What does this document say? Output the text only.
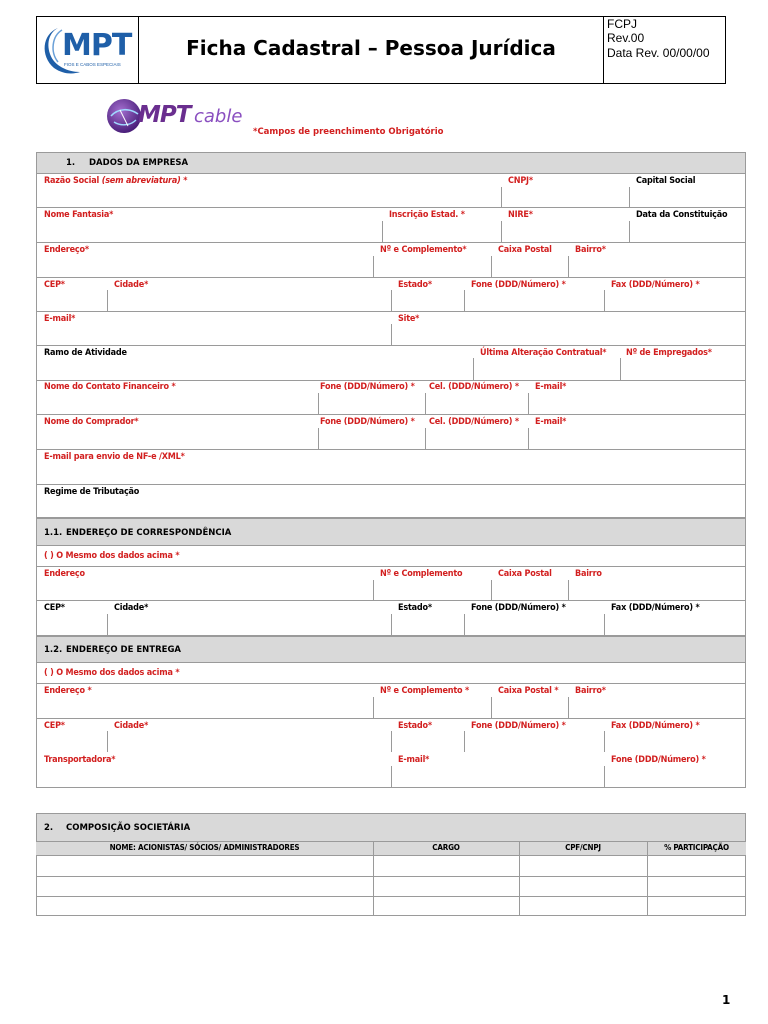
MPT
FIOS E CABOS ESPECIAIS
Ficha Cadastral – Pessoa Jurídica
FCPJ
Rev.00
Data Rev. 00/00/00
MPT cable
*Campos de preenchimento Obrigatório
1. DADOS DA EMPRESA
Razão Social (sem abreviatura) *	CNPJ*	Capital Social
Nome Fantasia*	Inscrição Estad. *	NIRE*	Data da Constituição
Endereço*	Nº e Complemento*	Caixa Postal	Bairro*
CEP*	Cidade*	Estado*	Fone (DDD/Número) *	Fax (DDD/Número) *
E-mail*	Site*
Ramo de Atividade	Última Alteração Contratual* Nº de Empregados*
Nome do Contato Financeiro *	Fone (DDD/Número) * Cel. (DDD/Número) * E-mail*
Nome do Comprador*	Fone (DDD/Número) * Cel. (DDD/Número) * E-mail*
E-mail para envio de NF-e /XML*
Regime de Tributação
1.1. ENDEREÇO DE CORRESPONDÊNCIA
( ) O Mesmo dos dados acima *
Endereço	Nº e Complemento	Caixa Postal	Bairro
CEP*	Cidade*	Estado*	Fone (DDD/Número) *	Fax (DDD/Número) *
1.2. ENDEREÇO DE ENTREGA
( ) O Mesmo dos dados acima *
Endereço *	Nº e Complemento *	Caixa Postal * Bairro*
CEP*	Cidade*	Estado*	Fone (DDD/Número) *	Fax (DDD/Número) *
Transportadora*	E-mail*	Fone (DDD/Número) *
2. COMPOSIÇÃO SOCIETÁRIA
NOME: ACIONISTAS/ SÓCIOS/ ADMINISTRADORES	CARGO	CPF/CNPJ	% PARTICIPAÇÃO
1
